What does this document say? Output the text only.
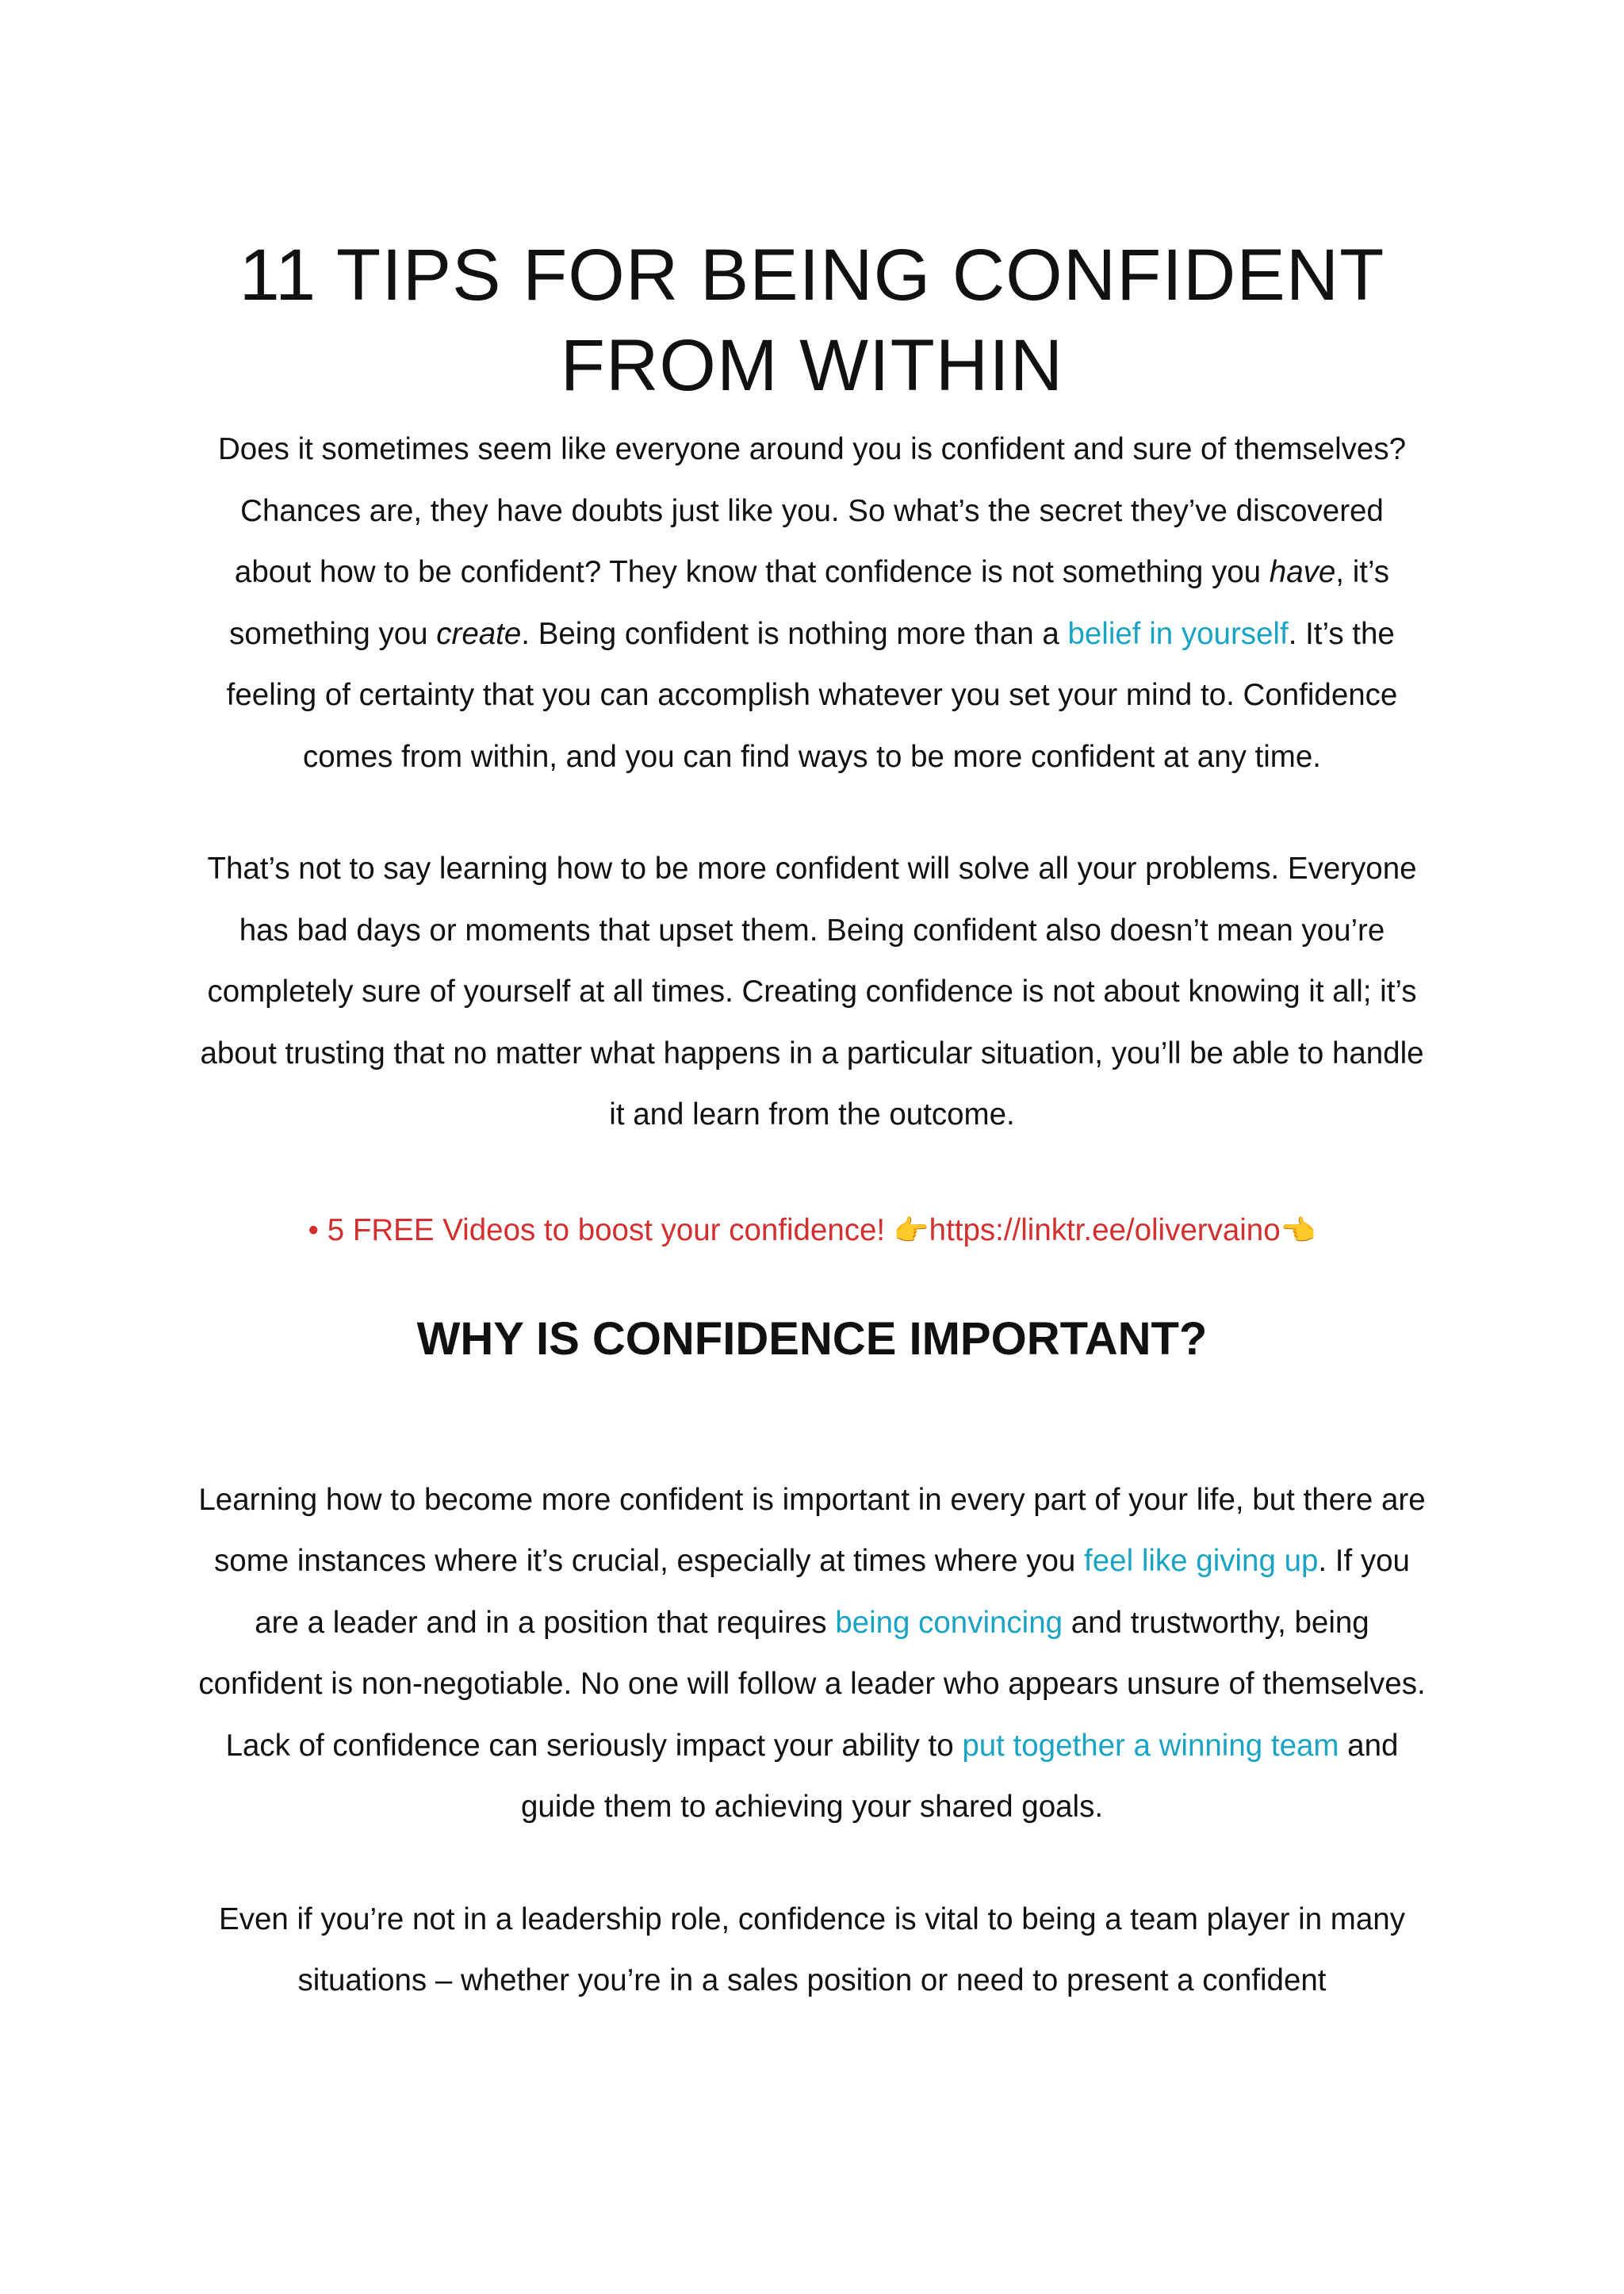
11 TIPS FOR BEING CONFIDENT
FROM WITHIN

Does it sometimes seem like everyone around you is confident and sure of themselves? Chances are, they have doubts just like you. So what’s the secret they’ve discovered about how to be confident? They know that confidence is not something you have, it’s something you create. Being confident is nothing more than a belief in yourself. It’s the feeling of certainty that you can accomplish whatever you set your mind to. Confidence comes from within, and you can find ways to be more confident at any time.

That’s not to say learning how to be more confident will solve all your problems. Everyone has bad days or moments that upset them. Being confident also doesn’t mean you’re completely sure of yourself at all times. Creating confidence is not about knowing it all; it’s about trusting that no matter what happens in a particular situation, you’ll be able to handle it and learn from the outcome.

• 5 FREE Videos to boost your confidence! 👉https://linktr.ee/olivervaino👈

WHY IS CONFIDENCE IMPORTANT?

Learning how to become more confident is important in every part of your life, but there are some instances where it’s crucial, especially at times where you feel like giving up. If you are a leader and in a position that requires being convincing and trustworthy, being confident is non-negotiable. No one will follow a leader who appears unsure of themselves. Lack of confidence can seriously impact your ability to put together a winning team and guide them to achieving your shared goals.

Even if you’re not in a leadership role, confidence is vital to being a team player in many situations – whether you’re in a sales position or need to present a confident
